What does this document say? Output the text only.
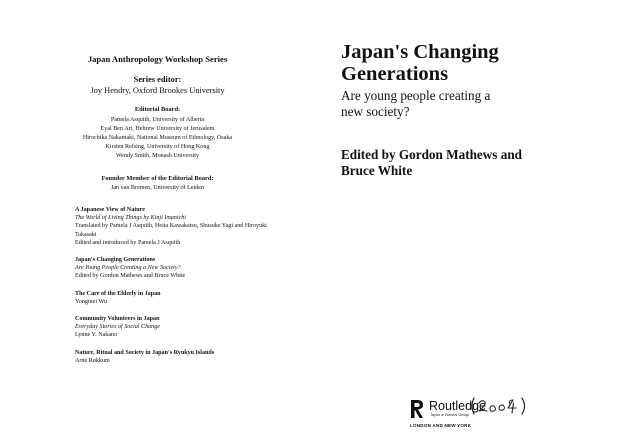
Japan Anthropology Workshop Series
Series editor:
Joy Hendry, Oxford Brookes University
Editorial Board:
Pamela Asquith, University of Alberta
Eyal Ben Ari, Hebrew University of Jerusalem
Hirochika Nakamaki, National Museum of Ethnology, Osaka
Kirsten Refsing, University of Hong Kong
Wendy Smith, Monash University
Founder Member of the Editorial Board:
Jan van Bremen, University of Leiden
A Japanese View of Nature
The World of Living Things by Kinji Imanichi
Translated by Pamela J Asquith, Heita Kawakatsu, Shusuke Yagi and Hiroyuki
Takasaki
Edited and introduced by Pamela J Asquith
Japan's Changing Generations
Are Young People Creating a New Society?
Edited by Gordon Mathews and Bruce White
The Care of the Elderly in Japan
Yongmei Wu
Community Volunteers in Japan
Everyday Stories of Social Change
Lynne Y. Nakano
Nature, Ritual and Society in Japan's Ryukyu Islands
Arne Røkkum
Japan's Changing
Generations
Are young people creating a
new society?
Edited by Gordon Mathews and
Bruce White
Routledge
Taylor & Francis Group
LONDON AND NEW YORK
(2004)
